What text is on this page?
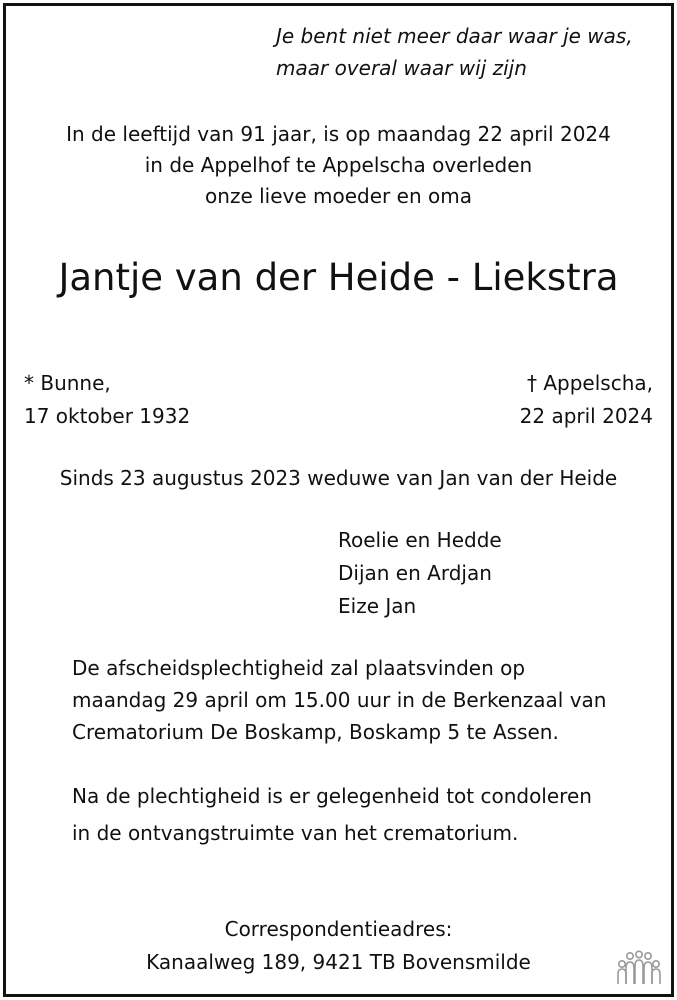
Je bent niet meer daar waar je was,
maar overal waar wij zijn
In de leeftijd van 91 jaar, is op maandag 22 april 2024
in de Appelhof te Appelscha overleden
onze lieve moeder en oma
Jantje van der Heide - Liekstra
* Bunne,
17 oktober 1932
† Appelscha,
22 april 2024
Sinds 23 augustus 2023 weduwe van Jan van der Heide
Roelie en Hedde
Dijan en Ardjan
Eize Jan
De afscheidsplechtigheid zal plaatsvinden op
maandag 29 april om 15.00 uur in de Berkenzaal van
Crematorium De Boskamp, Boskamp 5 te Assen.
Na de plechtigheid is er gelegenheid tot condoleren
in de ontvangstruimte van het crematorium.
Correspondentieadres:
Kanaalweg 189, 9421 TB Bovensmilde
